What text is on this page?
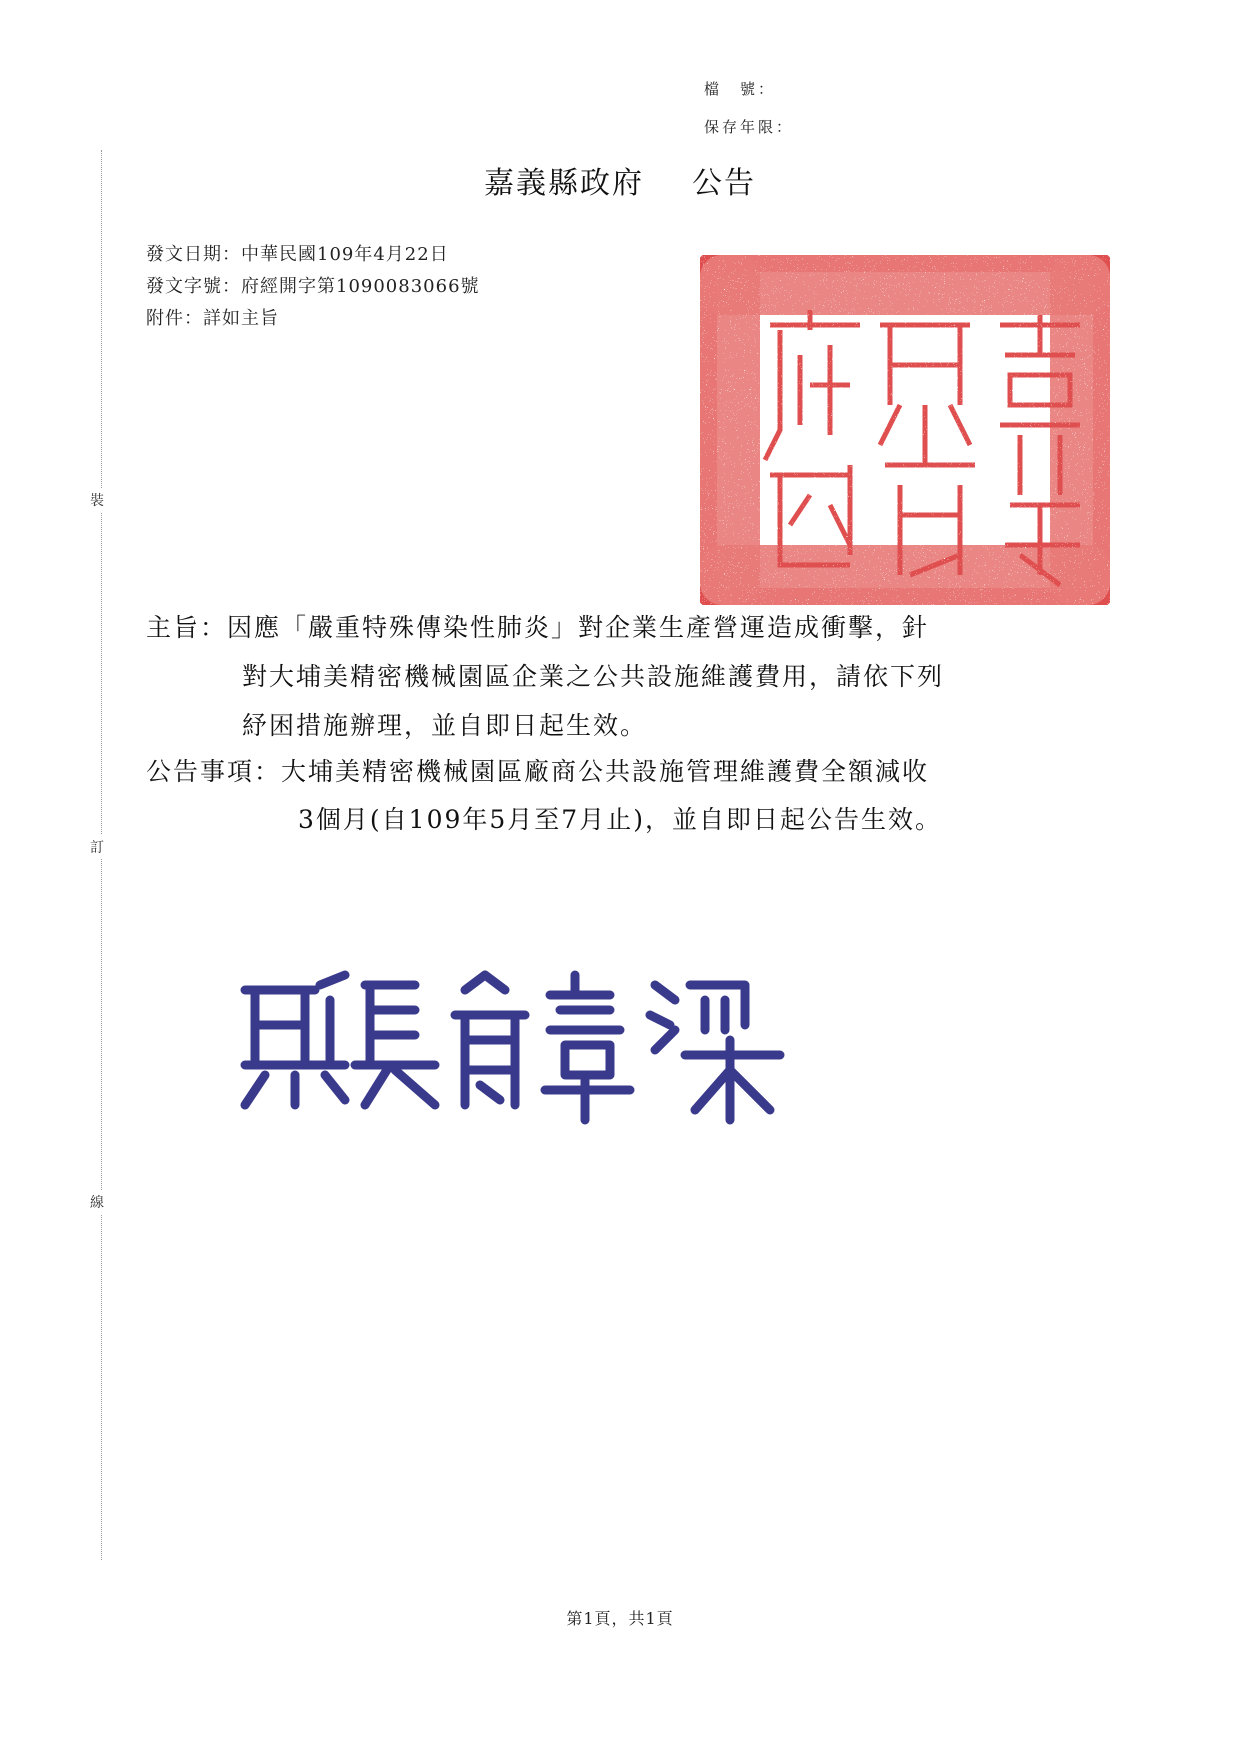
裝
訂
線
檔　號：
保存年限：
嘉義縣政府 公告
發文日期：中華民國109年4月22日
發文字號：府經開字第1090083066號
附件：詳如主旨
主旨：因應「嚴重特殊傳染性肺炎」對企業生產營運造成衝擊，針
對大埔美精密機械園區企業之公共設施維護費用，請依下列
紓困措施辦理，並自即日起生效。
公告事項：大埔美精密機械園區廠商公共設施管理維護費全額減收
3個月(自109年5月至7月止)，並自即日起公告生效。
第1頁，共1頁
